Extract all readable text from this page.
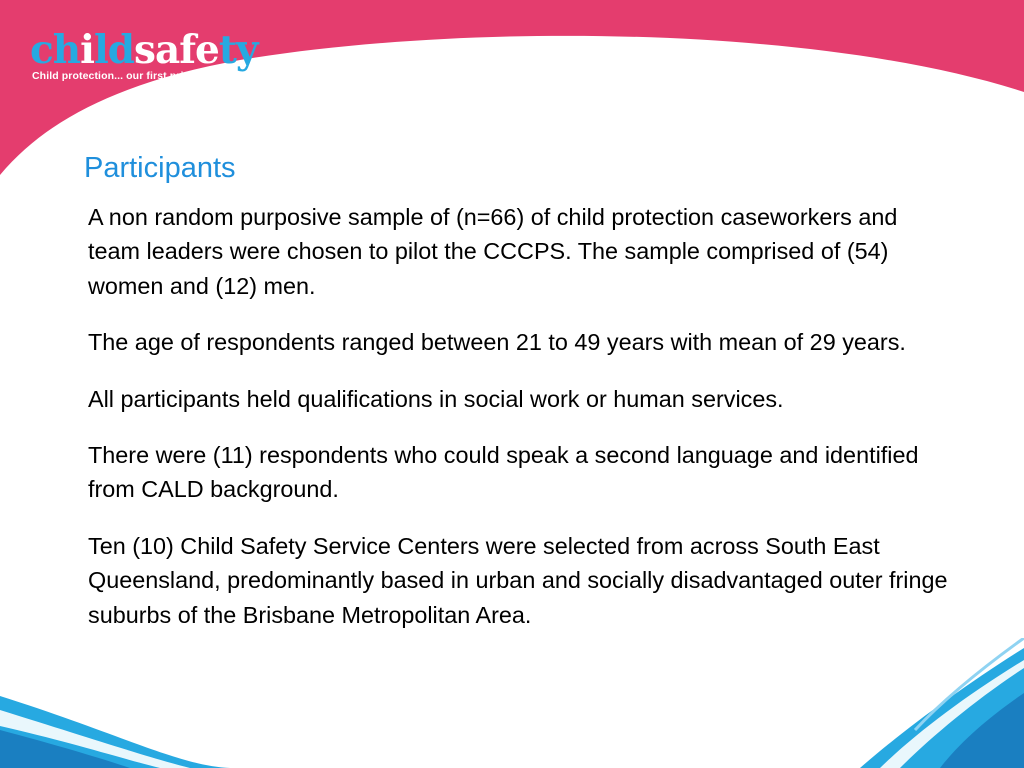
childsafety
Child protection... our first priority
Participants

A non random purposive sample of (n=66) of child protection caseworkers and team leaders were chosen to pilot the CCCPS. The sample comprised of (54) women and (12) men.

The age of respondents ranged between 21 to 49 years with mean of 29 years.

All participants held qualifications in social work or human services.

There were (11) respondents who could speak a second language and identified from CALD background.

Ten (10) Child Safety Service Centers were selected from across South East Queensland, predominantly based in urban and socially disadvantaged outer fringe suburbs of the Brisbane Metropolitan Area.
